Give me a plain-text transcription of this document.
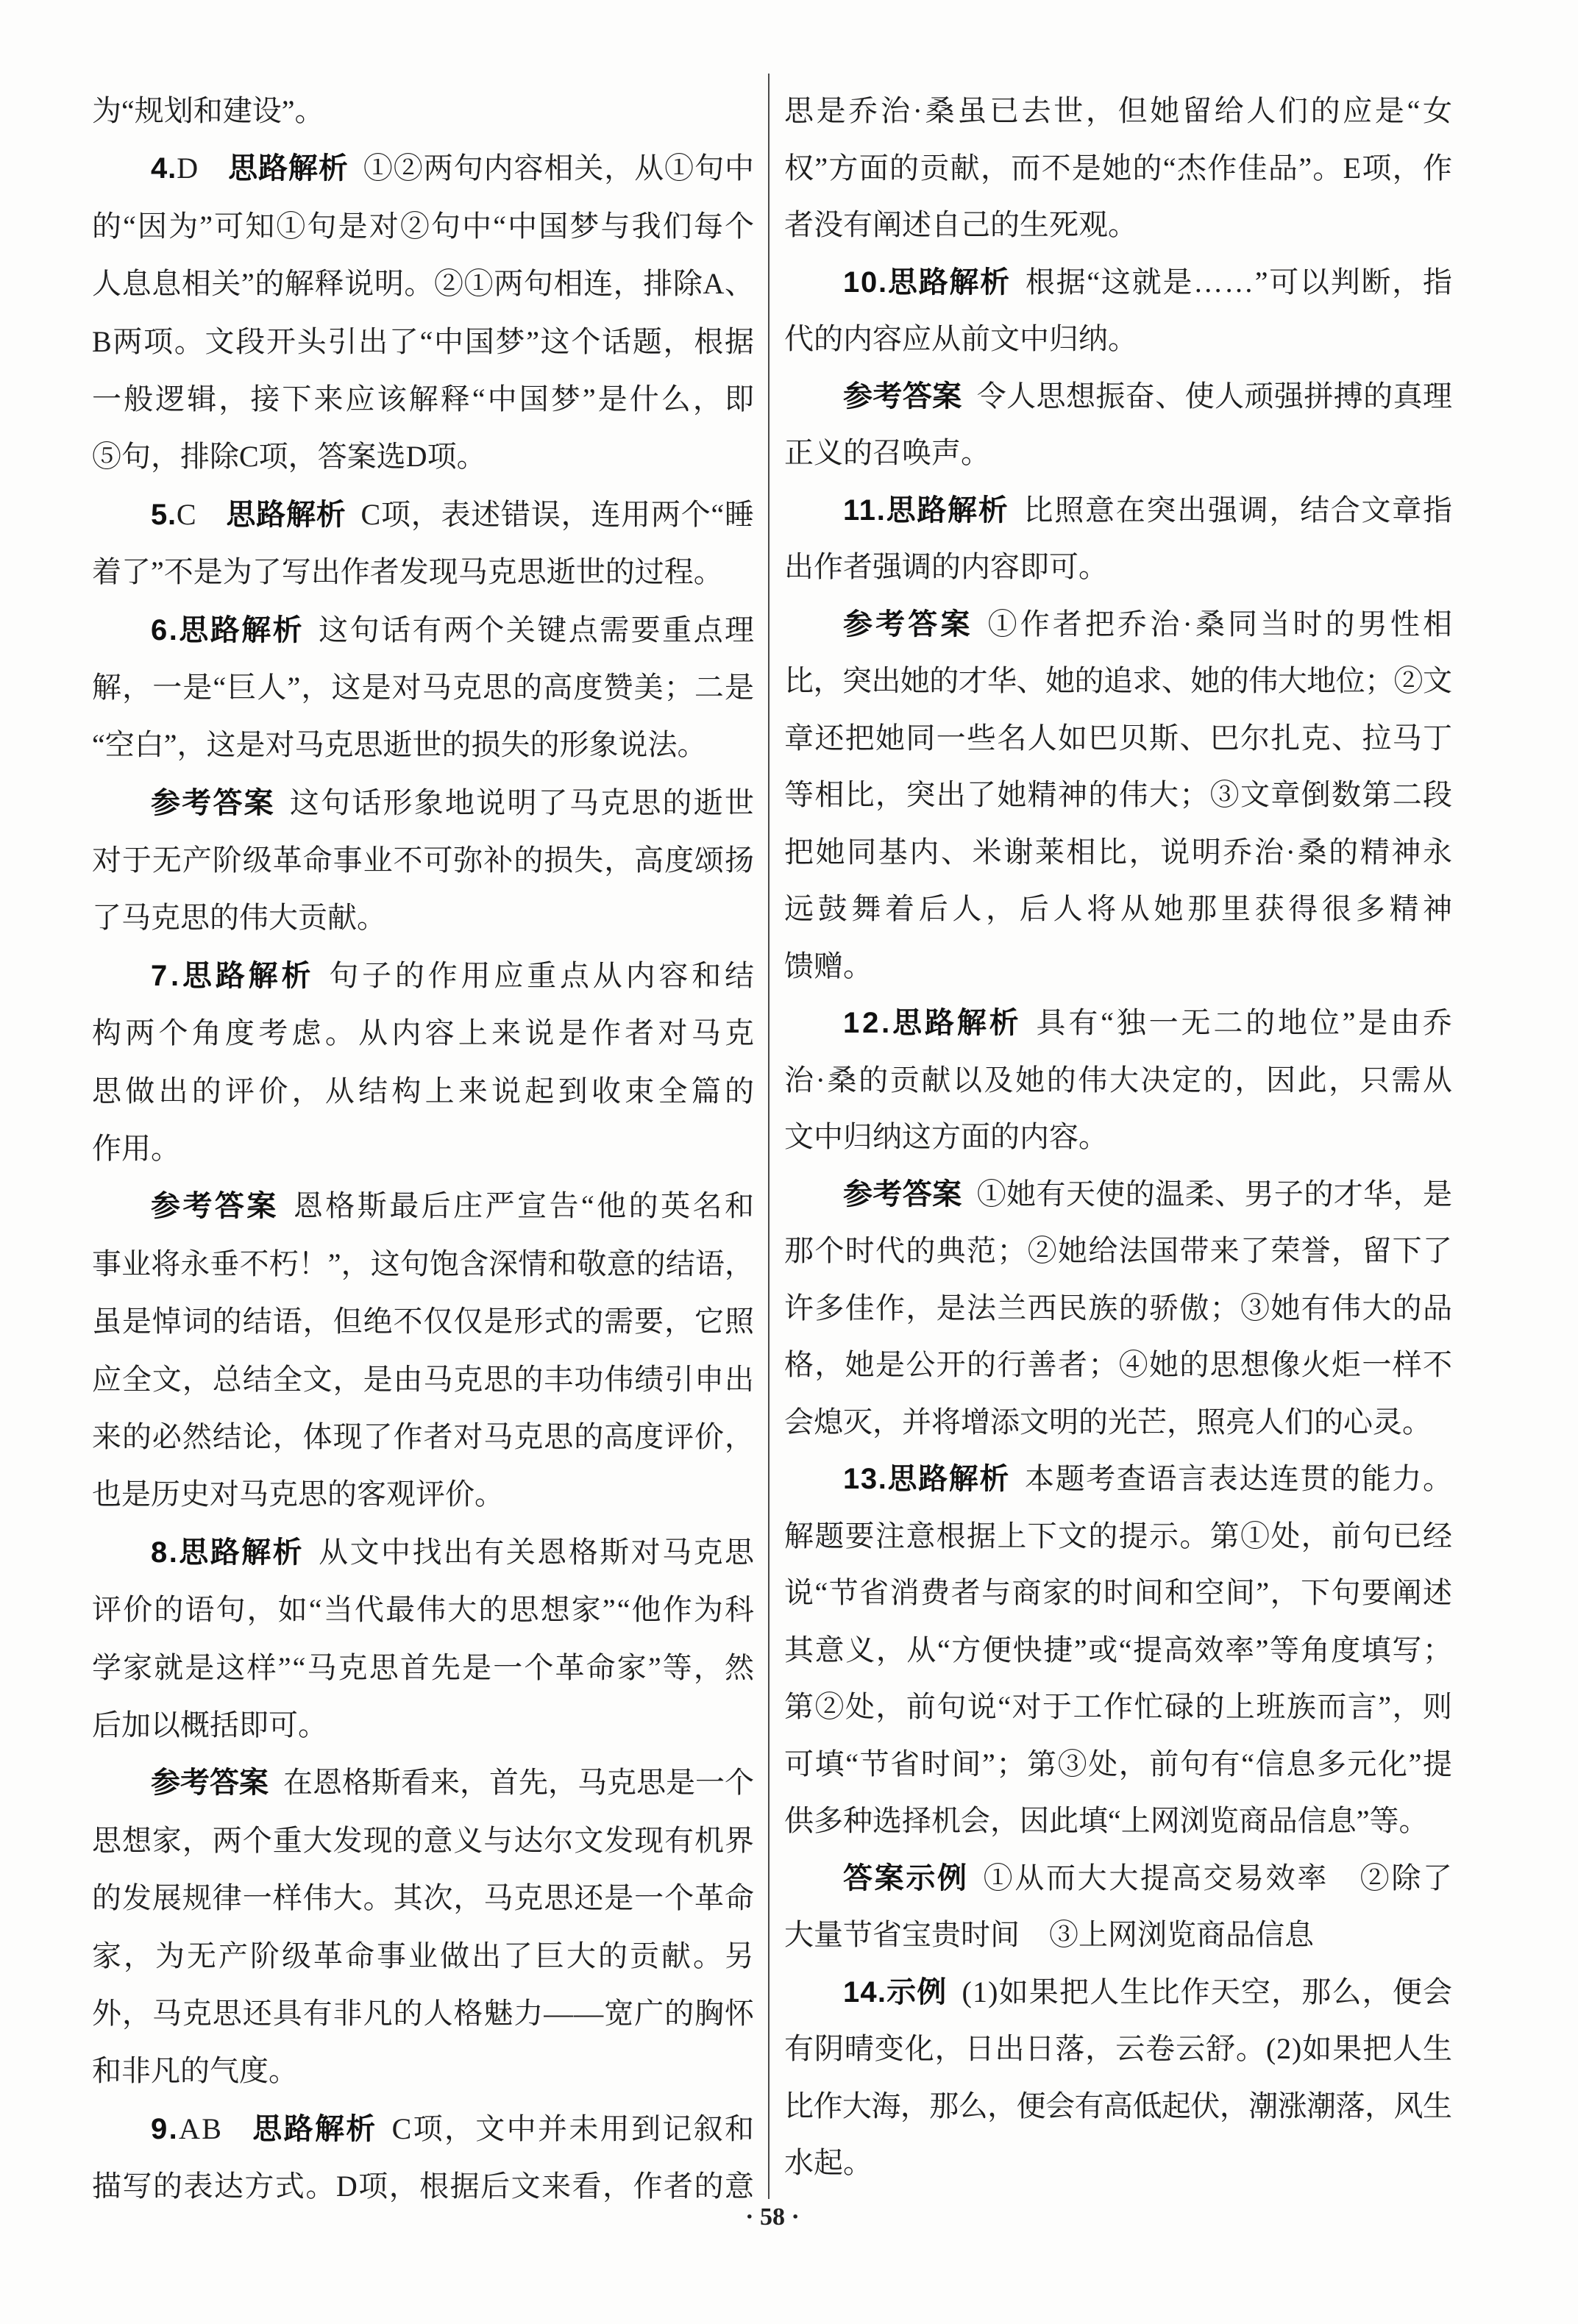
为“规划和建设”。
4.D 思路解析 ①②两句内容相关，从①句中
的“因为”可知①句是对②句中“中国梦与我们每个
人息息相关”的解释说明。②①两句相连，排除A、
B两项。文段开头引出了“中国梦”这个话题，根据
一般逻辑，接下来应该解释“中国梦”是什么，即
⑤句，排除C项，答案选D项。
5.C 思路解析 C项，表述错误，连用两个“睡
着了”不是为了写出作者发现马克思逝世的过程。
6.思路解析 这句话有两个关键点需要重点理
解，一是“巨人”，这是对马克思的高度赞美；二是
“空白”，这是对马克思逝世的损失的形象说法。
参考答案 这句话形象地说明了马克思的逝世
对于无产阶级革命事业不可弥补的损失，高度颂扬
了马克思的伟大贡献。
7.思路解析 句子的作用应重点从内容和结
构两个角度考虑。从内容上来说是作者对马克
思做出的评价，从结构上来说起到收束全篇的
作用。
参考答案 恩格斯最后庄严宣告“他的英名和
事业将永垂不朽！”，这句饱含深情和敬意的结语，
虽是悼词的结语，但绝不仅仅是形式的需要，它照
应全文，总结全文，是由马克思的丰功伟绩引申出
来的必然结论，体现了作者对马克思的高度评价，
也是历史对马克思的客观评价。
8.思路解析 从文中找出有关恩格斯对马克思
评价的语句，如“当代最伟大的思想家”“他作为科
学家就是这样”“马克思首先是一个革命家”等，然
后加以概括即可。
参考答案 在恩格斯看来，首先，马克思是一个
思想家，两个重大发现的意义与达尔文发现有机界
的发展规律一样伟大。其次，马克思还是一个革命
家，为无产阶级革命事业做出了巨大的贡献。另
外，马克思还具有非凡的人格魅力——宽广的胸怀
和非凡的气度。
9.AB 思路解析 C项，文中并未用到记叙和
描写的表达方式。D项，根据后文来看，作者的意
思是乔治·桑虽已去世，但她留给人们的应是“女
权”方面的贡献，而不是她的“杰作佳品”。E项，作
者没有阐述自己的生死观。
10.思路解析 根据“这就是……”可以判断，指
代的内容应从前文中归纳。
参考答案 令人思想振奋、使人顽强拼搏的真理
正义的召唤声。
11.思路解析 比照意在突出强调，结合文章指
出作者强调的内容即可。
参考答案 ①作者把乔治·桑同当时的男性相
比，突出她的才华、她的追求、她的伟大地位；②文
章还把她同一些名人如巴贝斯、巴尔扎克、拉马丁
等相比，突出了她精神的伟大；③文章倒数第二段
把她同基内、米谢莱相比，说明乔治·桑的精神永
远鼓舞着后人，后人将从她那里获得很多精神
馈赠。
12.思路解析 具有“独一无二的地位”是由乔
治·桑的贡献以及她的伟大决定的，因此，只需从
文中归纳这方面的内容。
参考答案 ①她有天使的温柔、男子的才华，是
那个时代的典范；②她给法国带来了荣誉，留下了
许多佳作，是法兰西民族的骄傲；③她有伟大的品
格，她是公开的行善者；④她的思想像火炬一样不
会熄灭，并将增添文明的光芒，照亮人们的心灵。
13.思路解析 本题考查语言表达连贯的能力。
解题要注意根据上下文的提示。第①处，前句已经
说“节省消费者与商家的时间和空间”，下句要阐述
其意义，从“方便快捷”或“提高效率”等角度填写；
第②处，前句说“对于工作忙碌的上班族而言”，则
可填“节省时间”；第③处，前句有“信息多元化”提
供多种选择机会，因此填“上网浏览商品信息”等。
答案示例 ①从而大大提高交易效率　②除了
大量节省宝贵时间　③上网浏览商品信息
14.示例 (1)如果把人生比作天空，那么，便会
有阴晴变化，日出日落，云卷云舒。(2)如果把人生
比作大海，那么，便会有高低起伏，潮涨潮落，风生
水起。
· 58 ·
